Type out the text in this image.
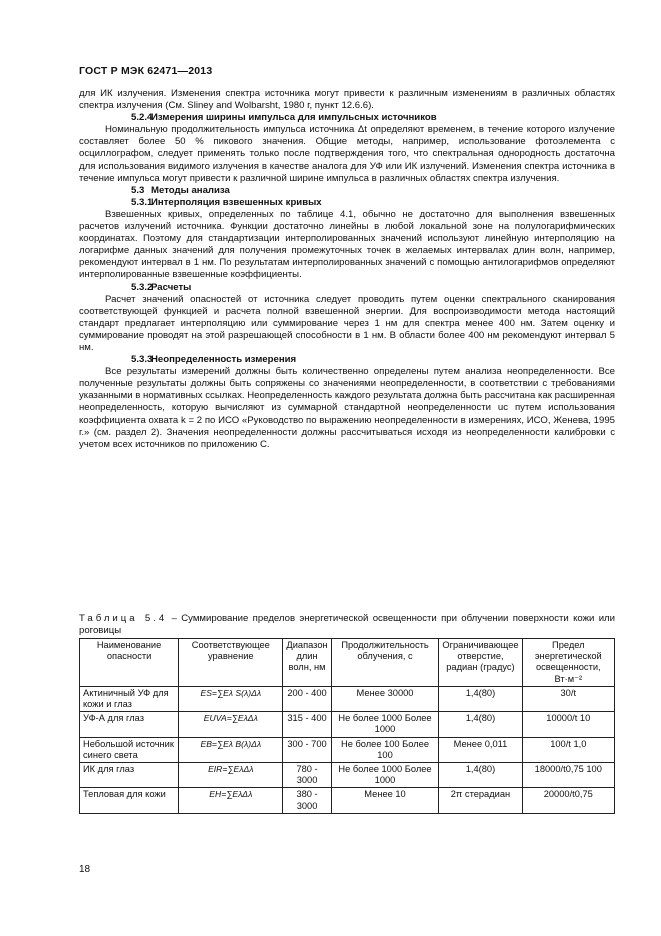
ГОСТ Р МЭК 62471—2013

для ИК излучения. Изменения спектра источника могут привести к различным изменениям в различных областях спектра излучения (См. Sliney and Wolbarsht, 1980 г, пункт 12.6.6).

5.2.4Измерения ширины импульса для импульсных источников

Номинальную продолжительность импульса источника Δt определяют временем, в течение которого излучение составляет более 50 % пикового значения. Общие методы, например, использование фотоэлемента с осциллографом, следует применять только после подтверждения того, что спектральная однородность достаточна для использования видимого излучения в качестве аналога для УФ или ИК излучений. Изменения спектра источника в течение импульса могут привести к различной ширине импульса в различных областях спектра излучения.

5.3 Методы анализа
5.3.1Интерполяция взвешенных кривых

Взвешенных кривых, определенных по таблице 4.1, обычно не достаточно для выполнения взвешенных расчетов излучений источника. Функции достаточно линейны в любой локальной зоне на полулогарифмических координатах. Поэтому для стандартизации интерполированных значений используют линейную интерполяцию на логарифме данных значений для получения промежуточных точек в желаемых интервалах длин волн, например, рекомендуют интервал в 1 нм. По результатам интерполированных значений с помощью антилогарифмов определяют интерполированные взвешенные коэффициенты.

5.3.2Расчеты

Расчет значений опасностей от источника следует проводить путем оценки спектрального сканирования соответствующей функцией и расчета полной взвешенной энергии. Для воспроизводимости метода настоящий стандарт предлагает интерполяцию или суммирование через 1 нм для спектра менее 400 нм. Затем оценку и суммирование проводят на этой разрешающей способности в 1 нм. В области более 400 нм рекомендуют интервал 5 нм.

5.3.3Неопределенность измерения

Все результаты измерений должны быть количественно определены путем анализа неопределенности. Все полученные результаты должны быть сопряжены со значениями неопределенности, в соответствии с требованиями указанными в нормативных ссылках. Неопределенность каждого результата должна быть рассчитана как расширенная неопределенность, которую вычисляют из суммарной стандартной неопределенности uc путем использования коэффициента охвата k = 2 по ИСО «Руководство по выражению неопределенности в измерениях, ИСО, Женева, 1995 г.» (см. раздел 2). Значения неопределенности должны рассчитываться исходя из неопределенности калибровки с учетом всех источников по приложению С.

Таблица 5.4 – Суммирование пределов энергетической освещенности при облучении поверхности кожи или роговицы
Наименование опасности	Соответствующее уравнение	Диапазон длин волн, нм	Продолжительность облучения, с	Ограничивающее отверстие, радиан (градус)	Предел энергетической освещенности, Вт·м⁻²
Актиничный УФ для кожи и глаз	ES=∑Eλ S(λ)Δλ	200 - 400	Менее 30000	1,4(80)	30/t
УФ-А для глаз	EUVA=∑EλΔλ	315 - 400	Не более 1000 Более 1000	1,4(80)	10000/t 10
Небольшой источник синего света	EB=∑Eλ B(λ)Δλ	300 - 700	Не более 100 Более 100	Менее 0,011	100/t 1,0
ИК для глаз	EIR=∑EλΔλ	780 - 3000	Не более 1000 Более 1000	1,4(80)	18000/t0,75 100
Тепловая для кожи	EH=∑EλΔλ	380 - 3000	Менее 10	2π стерадиан	20000/t0,75
18
